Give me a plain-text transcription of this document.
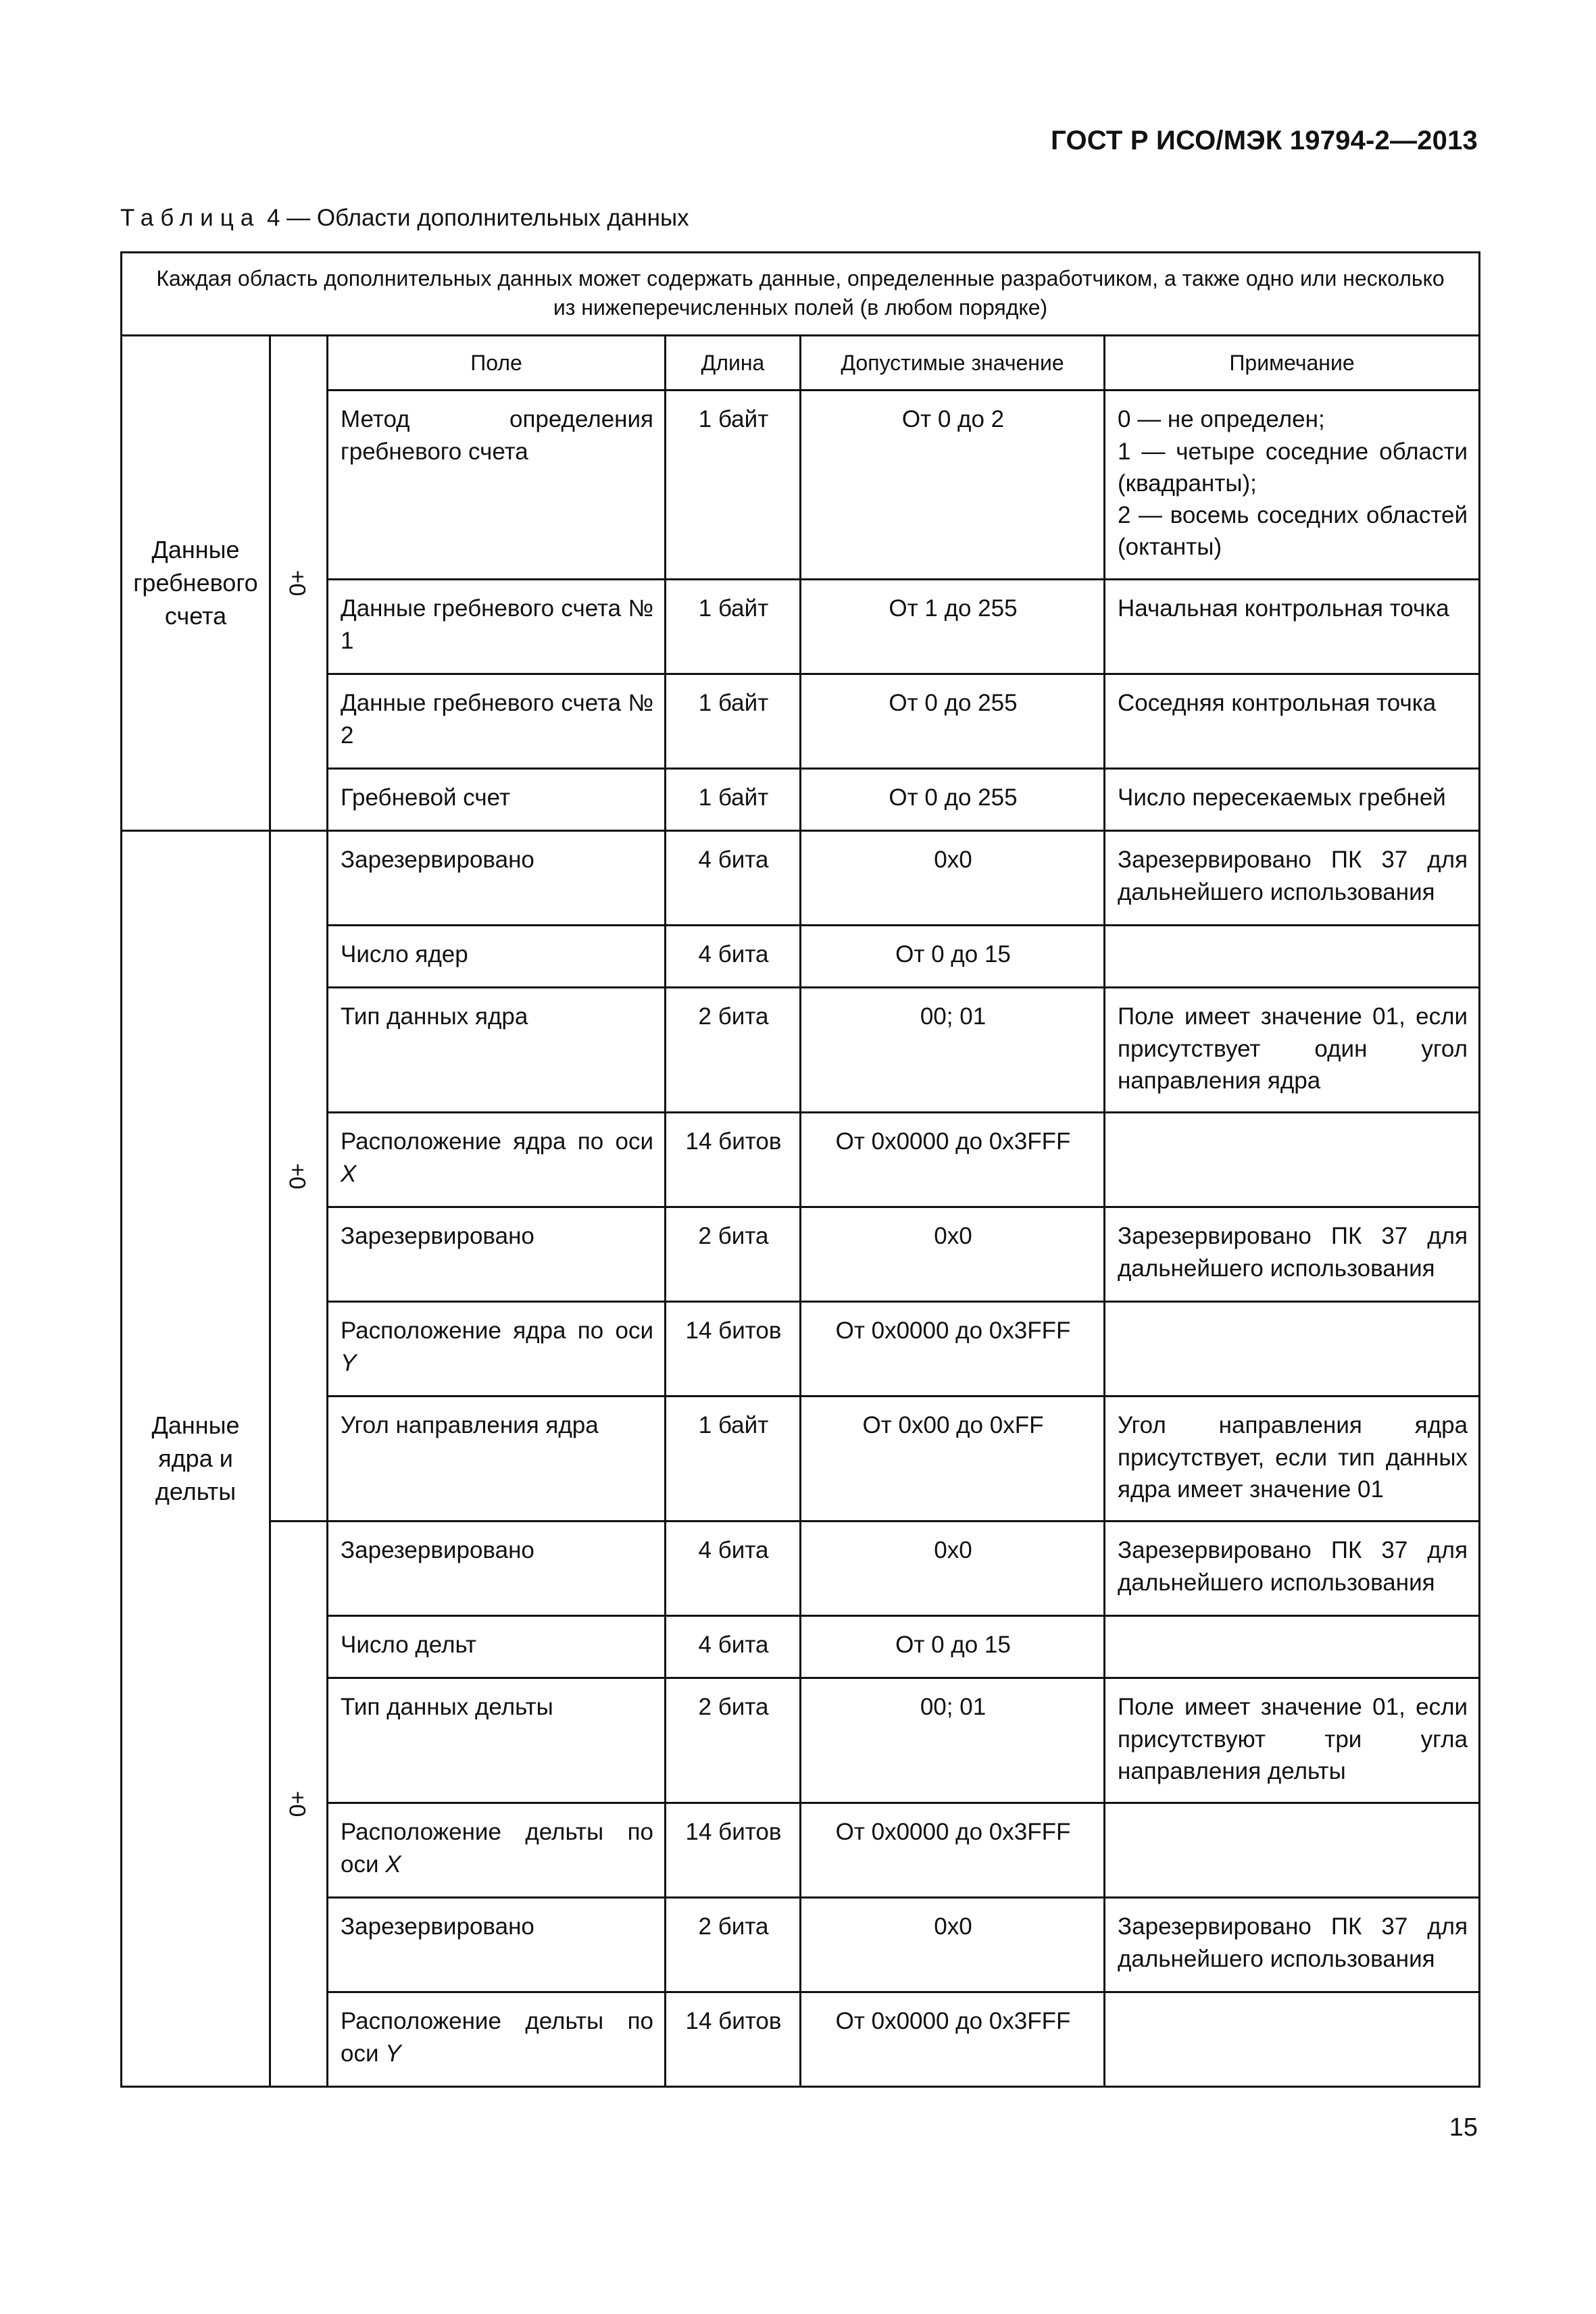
ГОСТ Р ИСО/МЭК 19794-2—2013
Таблица 4 — Области дополнительных данных
Каждая область дополнительных данных может содержать данные, определенные разработчиком, а также одно или несколько из нижеперечисленных полей (в любом порядке)					
Данные гребневого счета	0+	Поле	Длина	Допустимые значение	Примечание
		Метод определения гребневого счета	1 байт	От 0 до 2	0 — не определен;
1 — четыре соседние области (квадранты);
2 — восемь соседних областей (октанты)
		Данные гребневого счета № 1	1 байт	От 1 до 255	Начальная контрольная точка
		Данные гребневого счета № 2	1 байт	От 0 до 255	Соседняя контрольная точка
		Гребневой счет	1 байт	От 0 до 255	Число пересекаемых гребней
Данные ядра и дельты	0+	Зарезервировано	4 бита	0x0	Зарезервировано ПК 37 для дальнейшего использования
		Число ядер	4 бита	От 0 до 15	
		Тип данных ядра	2 бита	00; 01	Поле имеет значение 01, если присутствует один угол направления ядра
		Расположение ядра по оси X	14 битов	От 0x0000 до 0x3FFF	
		Зарезервировано	2 бита	0x0	Зарезервировано ПК 37 для дальнейшего использования
		Расположение ядра по оси Y	14 битов	От 0x0000 до 0x3FFF	
		Угол направления ядра	1 байт	От 0x00 до 0xFF	Угол направления ядра присутствует, если тип данных ядра имеет значение 01

	0+	Зарезервировано	4 бита	0x0	Зарезервировано ПК 37 для дальнейшего использования
		Число дельт	4 бита	От 0 до 15	
		Тип данных дельты	2 бита	00; 01	Поле имеет значение 01, если присутствуют три угла направления дельты
		Расположение дельты по оси X	14 битов	От 0x0000 до 0x3FFF	
		Зарезервировано	2 бита	0x0	Зарезервировано ПК 37 для дальнейшего использования
		Расположение дельты по оси Y	14 битов	От 0x0000 до 0x3FFF	
15
